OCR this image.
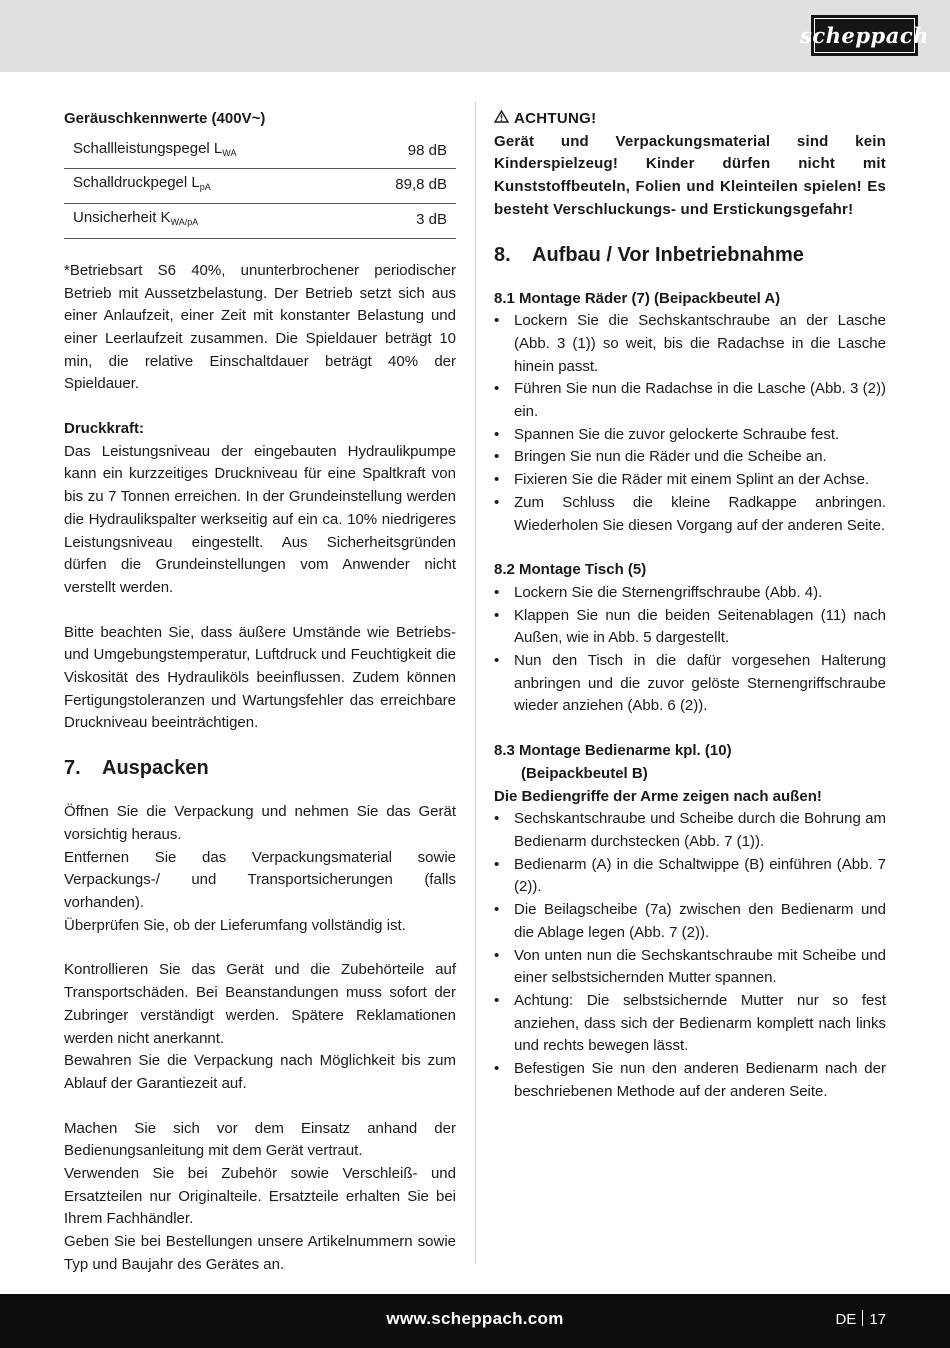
scheppach
Geräuschkennwerte (400V~)
Schallleistungspegel $L_{WA}$	98 dB
Schalldruckpegel $L_{pA}$	89,8 dB
Unsicherheit $K_{WA/pA}$	3 dB

*Betriebsart S6 40%, ununterbrochener periodischer Betrieb mit Aussetzbelastung. Der Betrieb setzt sich aus einer Anlaufzeit, einer Zeit mit konstanter Belastung und einer Leerlaufzeit zusammen. Die Spieldauer beträgt 10 min, die relative Einschaltdauer beträgt 40% der Spieldauer.

Druckkraft:

Das Leistungsniveau der eingebauten Hydraulikpumpe kann ein kurzzeitiges Druckniveau für eine Spaltkraft von bis zu 7 Tonnen erreichen. In der Grundeinstellung werden die Hydraulikspalter werkseitig auf ein ca. 10% niedrigeres Leistungsniveau eingestellt. Aus Sicherheitsgründen dürfen die Grundeinstellungen vom Anwender nicht verstellt werden.

Bitte beachten Sie, dass äußere Umstände wie Betriebs- und Umgebungstemperatur, Luftdruck und Feuchtigkeit die Viskosität des Hydrauliköls beeinflussen. Zudem können Fertigungstoleranzen und Wartungsfehler das erreichbare Druckniveau beeinträchtigen.

7.	Auspacken

Öffnen Sie die Verpackung und nehmen Sie das Gerät vorsichtig heraus.

Entfernen Sie das Verpackungsmaterial sowie Verpackungs-/ und Transportsicherungen (falls vorhanden).

Überprüfen Sie, ob der Lieferumfang vollständig ist.

Kontrollieren Sie das Gerät und die Zubehörteile auf Transportschäden. Bei Beanstandungen muss sofort der Zubringer verständigt werden. Spätere Reklamationen werden nicht anerkannt.

Bewahren Sie die Verpackung nach Möglichkeit bis zum Ablauf der Garantiezeit auf.

Machen Sie sich vor dem Einsatz anhand der Bedienungsanleitung mit dem Gerät vertraut.

Verwenden Sie bei Zubehör sowie Verschleiß- und Ersatzteilen nur Originalteile. Ersatzteile erhalten Sie bei Ihrem Fachhändler.

Geben Sie bei Bestellungen unsere Artikelnummern sowie Typ und Baujahr des Gerätes an.

ACHTUNG!

Gerät und Verpackungsmaterial sind kein Kinderspielzeug! Kinder dürfen nicht mit Kunststoffbeuteln, Folien und Kleinteilen spielen! Es besteht Verschluckungs- und Erstickungsgefahr!

8.	Aufbau / Vor Inbetriebnahme

8.1 Montage Räder (7) (Beipackbeutel A)

• Lockern Sie die Sechskantschraube an der Lasche (Abb. 3 (1)) so weit, bis die Radachse in die Lasche hinein passt.
• Führen Sie nun die Radachse in die Lasche (Abb. 3 (2)) ein.
• Spannen Sie die zuvor gelockerte Schraube fest.
• Bringen Sie nun die Räder und die Scheibe an.
• Fixieren Sie die Räder mit einem Splint an der Achse.
• Zum Schluss die kleine Radkappe anbringen. Wiederholen Sie diesen Vorgang auf der anderen Seite.

8.2 Montage Tisch (5)

• Lockern Sie die Sternengriffschraube (Abb. 4).
• Klappen Sie nun die beiden Seitenablagen (11) nach Außen, wie in Abb. 5 dargestellt.
• Nun den Tisch in die dafür vorgesehen Halterung anbringen und die zuvor gelöste Sternengriffschraube wieder anziehen (Abb. 6 (2)).

8.3 Montage Bedienarme kpl. (10)

(Beipackbeutel B)

Die Bediengriffe der Arme zeigen nach außen!

• Sechskantschraube und Scheibe durch die Bohrung am Bedienarm durchstecken (Abb. 7 (1)).
• Bedienarm (A) in die Schaltwippe (B) einführen (Abb. 7 (2)).
• Die Beilagscheibe (7a) zwischen den Bedienarm und die Ablage legen (Abb. 7 (2)).
• Von unten nun die Sechskantschraube mit Scheibe und einer selbstsichernden Mutter spannen.
• Achtung: Die selbstsichernde Mutter nur so fest anziehen, dass sich der Bedienarm komplett nach links und rechts bewegen lässt.
• Befestigen Sie nun den anderen Bedienarm nach der beschriebenen Methode auf der anderen Seite.
www.scheppach.com	DE 17
